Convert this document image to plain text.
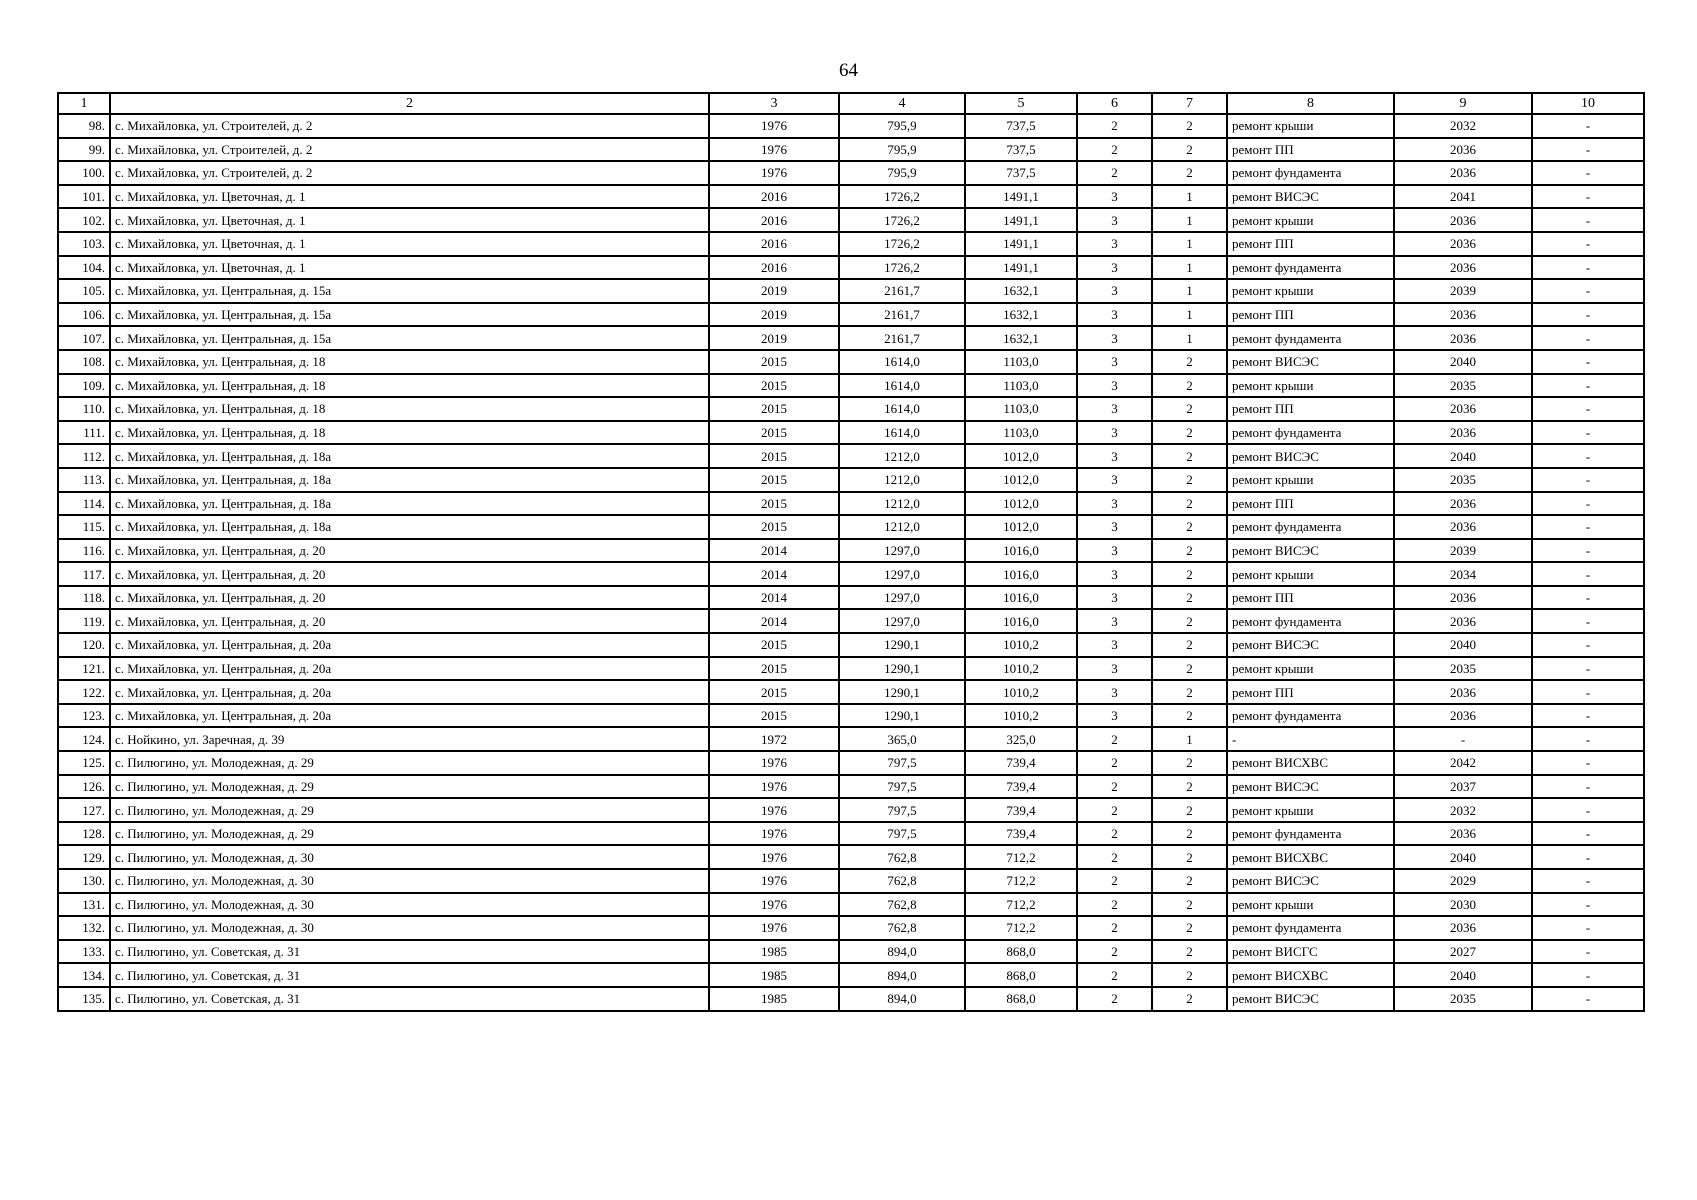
64
1	2	3	4	5	6	7	8	9	10
98.	с. Михайловка, ул. Строителей, д. 2	1976	795,9	737,5	2	2	ремонт крыши	2032	-
99.	с. Михайловка, ул. Строителей, д. 2	1976	795,9	737,5	2	2	ремонт ПП	2036	-
100.	с. Михайловка, ул. Строителей, д. 2	1976	795,9	737,5	2	2	ремонт фундамента	2036	-
101.	с. Михайловка, ул. Цветочная, д. 1	2016	1726,2	1491,1	3	1	ремонт ВИСЭС	2041	-
102.	с. Михайловка, ул. Цветочная, д. 1	2016	1726,2	1491,1	3	1	ремонт крыши	2036	-
103.	с. Михайловка, ул. Цветочная, д. 1	2016	1726,2	1491,1	3	1	ремонт ПП	2036	-
104.	с. Михайловка, ул. Цветочная, д. 1	2016	1726,2	1491,1	3	1	ремонт фундамента	2036	-
105.	с. Михайловка, ул. Центральная, д. 15а	2019	2161,7	1632,1	3	1	ремонт крыши	2039	-
106.	с. Михайловка, ул. Центральная, д. 15а	2019	2161,7	1632,1	3	1	ремонт ПП	2036	-
107.	с. Михайловка, ул. Центральная, д. 15а	2019	2161,7	1632,1	3	1	ремонт фундамента	2036	-
108.	с. Михайловка, ул. Центральная, д. 18	2015	1614,0	1103,0	3	2	ремонт ВИСЭС	2040	-
109.	с. Михайловка, ул. Центральная, д. 18	2015	1614,0	1103,0	3	2	ремонт крыши	2035	-
110.	с. Михайловка, ул. Центральная, д. 18	2015	1614,0	1103,0	3	2	ремонт ПП	2036	-
111.	с. Михайловка, ул. Центральная, д. 18	2015	1614,0	1103,0	3	2	ремонт фундамента	2036	-
112.	с. Михайловка, ул. Центральная, д. 18а	2015	1212,0	1012,0	3	2	ремонт ВИСЭС	2040	-
113.	с. Михайловка, ул. Центральная, д. 18а	2015	1212,0	1012,0	3	2	ремонт крыши	2035	-
114.	с. Михайловка, ул. Центральная, д. 18а	2015	1212,0	1012,0	3	2	ремонт ПП	2036	-
115.	с. Михайловка, ул. Центральная, д. 18а	2015	1212,0	1012,0	3	2	ремонт фундамента	2036	-
116.	с. Михайловка, ул. Центральная, д. 20	2014	1297,0	1016,0	3	2	ремонт ВИСЭС	2039	-
117.	с. Михайловка, ул. Центральная, д. 20	2014	1297,0	1016,0	3	2	ремонт крыши	2034	-
118.	с. Михайловка, ул. Центральная, д. 20	2014	1297,0	1016,0	3	2	ремонт ПП	2036	-
119.	с. Михайловка, ул. Центральная, д. 20	2014	1297,0	1016,0	3	2	ремонт фундамента	2036	-
120.	с. Михайловка, ул. Центральная, д. 20а	2015	1290,1	1010,2	3	2	ремонт ВИСЭС	2040	-
121.	с. Михайловка, ул. Центральная, д. 20а	2015	1290,1	1010,2	3	2	ремонт крыши	2035	-
122.	с. Михайловка, ул. Центральная, д. 20а	2015	1290,1	1010,2	3	2	ремонт ПП	2036	-
123.	с. Михайловка, ул. Центральная, д. 20а	2015	1290,1	1010,2	3	2	ремонт фундамента	2036	-
124.	с. Нойкино, ул. Заречная, д. 39	1972	365,0	325,0	2	1	-	-	-
125.	с. Пилюгино, ул. Молодежная, д. 29	1976	797,5	739,4	2	2	ремонт ВИСХВС	2042	-
126.	с. Пилюгино, ул. Молодежная, д. 29	1976	797,5	739,4	2	2	ремонт ВИСЭС	2037	-
127.	с. Пилюгино, ул. Молодежная, д. 29	1976	797,5	739,4	2	2	ремонт крыши	2032	-
128.	с. Пилюгино, ул. Молодежная, д. 29	1976	797,5	739,4	2	2	ремонт фундамента	2036	-
129.	с. Пилюгино, ул. Молодежная, д. 30	1976	762,8	712,2	2	2	ремонт ВИСХВС	2040	-
130.	с. Пилюгино, ул. Молодежная, д. 30	1976	762,8	712,2	2	2	ремонт ВИСЭС	2029	-
131.	с. Пилюгино, ул. Молодежная, д. 30	1976	762,8	712,2	2	2	ремонт крыши	2030	-
132.	с. Пилюгино, ул. Молодежная, д. 30	1976	762,8	712,2	2	2	ремонт фундамента	2036	-
133.	с. Пилюгино, ул. Советская, д. 31	1985	894,0	868,0	2	2	ремонт ВИСГС	2027	-
134.	с. Пилюгино, ул. Советская, д. 31	1985	894,0	868,0	2	2	ремонт ВИСХВС	2040	-
135.	с. Пилюгино, ул. Советская, д. 31	1985	894,0	868,0	2	2	ремонт ВИСЭС	2035	-
